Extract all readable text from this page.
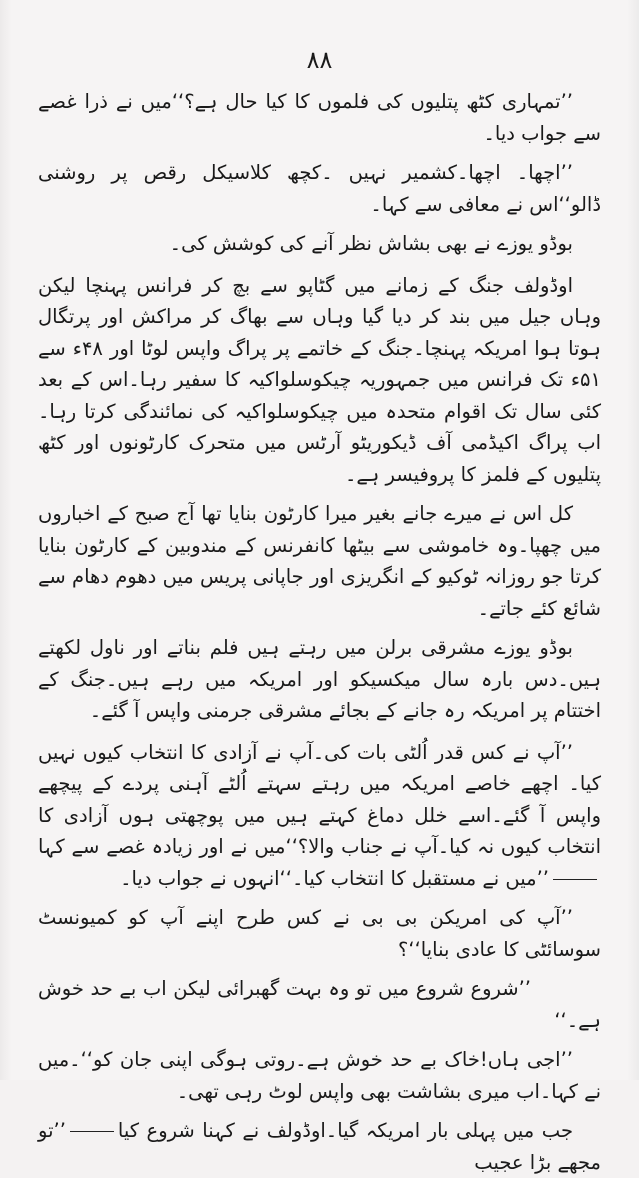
۸۸

’’تمہاری کٹھ پتلیوں کی فلموں کا کیا حال ہے؟‘‘میں نے ذرا غصے سے جواب دیا۔

’’اچھا۔ اچھا۔کشمیر نہیں ۔کچھ کلاسیکل رقص پر روشنی ڈالو‘‘اس نے معافی سے کہا۔

بوڈو یوزے نے بھی بشاش نظر آنے کی کوشش کی۔

اوڈولف جنگ کے زمانے میں گٹاپو سے بچ کر فرانس پہنچا لیکن وہاں جیل میں بند کر دیا گیا وہاں سے بھاگ کر مراکش اور پرتگال ہوتا ہوا امریکہ پہنچا۔جنگ کے خاتمے پر پراگ واپس لوٹا اور ۴۸ء سے ۵۱ء تک فرانس میں جمہوریہ چیکوسلواکیہ کا سفیر رہا۔اس کے بعد کئی سال تک اقوام متحدہ میں چیکوسلواکیہ کی نمائندگی کرتا رہا۔اب پراگ اکیڈمی آف ڈیکوریٹو آرٹس میں متحرک کارٹونوں اور کٹھ پتلیوں کے فلمز کا پروفیسر ہے۔

کل اس نے میرے جانے بغیر میرا کارٹون بنایا تھا آج صبح کے اخباروں میں چھپا۔وہ خاموشی سے بیٹھا کانفرنس کے مندوبین کے کارٹون بنایا کرتا جو روزانہ ٹوکیو کے انگریزی اور جاپانی پریس میں دھوم دھام سے شائع کئے جاتے۔

بوڈو یوزے مشرقی برلن میں رہتے ہیں فلم بناتے اور ناول لکھتے ہیں۔دس بارہ سال میکسیکو اور امریکہ میں رہے ہیں۔جنگ کے اختتام پر امریکہ رہ جانے کے بجائے مشرقی جرمنی واپس آ گئے۔

’’آپ نے کس قدر اُلٹی بات کی۔آپ نے آزادی کا انتخاب کیوں نہیں کیا۔ اچھے خاصے امریکہ میں رہتے سہتے اُلٹے آہنی پردے کے پیچھے واپس آ گئے۔اسے خلل دماغ کہتے ہیں میں پوچھتی ہوں آزادی کا انتخاب کیوں نہ کیا۔آپ نے جناب والا؟‘‘میں نے اور زیادہ غصے سے کہا’’میں نے مستقبل کا انتخاب کیا۔‘‘انہوں نے جواب دیا۔

’’آپ کی امریکن بی بی نے کس طرح اپنے آپ کو کمیونسٹ سوسائٹی کا عادی بنایا‘‘؟

’’شروع شروع میں تو وہ بہت گھبرائی لیکن اب بے حد خوش ہے۔‘‘

’’اجی ہاں!خاک بے حد خوش ہے۔روتی ہوگی اپنی جان کو‘‘۔میں نے کہا۔اب میری بشاشت بھی واپس لوٹ رہی تھی۔

جب میں پہلی بار امریکہ گیا۔اوڈولف نے کہنا شروع کیا’’تو مجھے بڑا عجیب
